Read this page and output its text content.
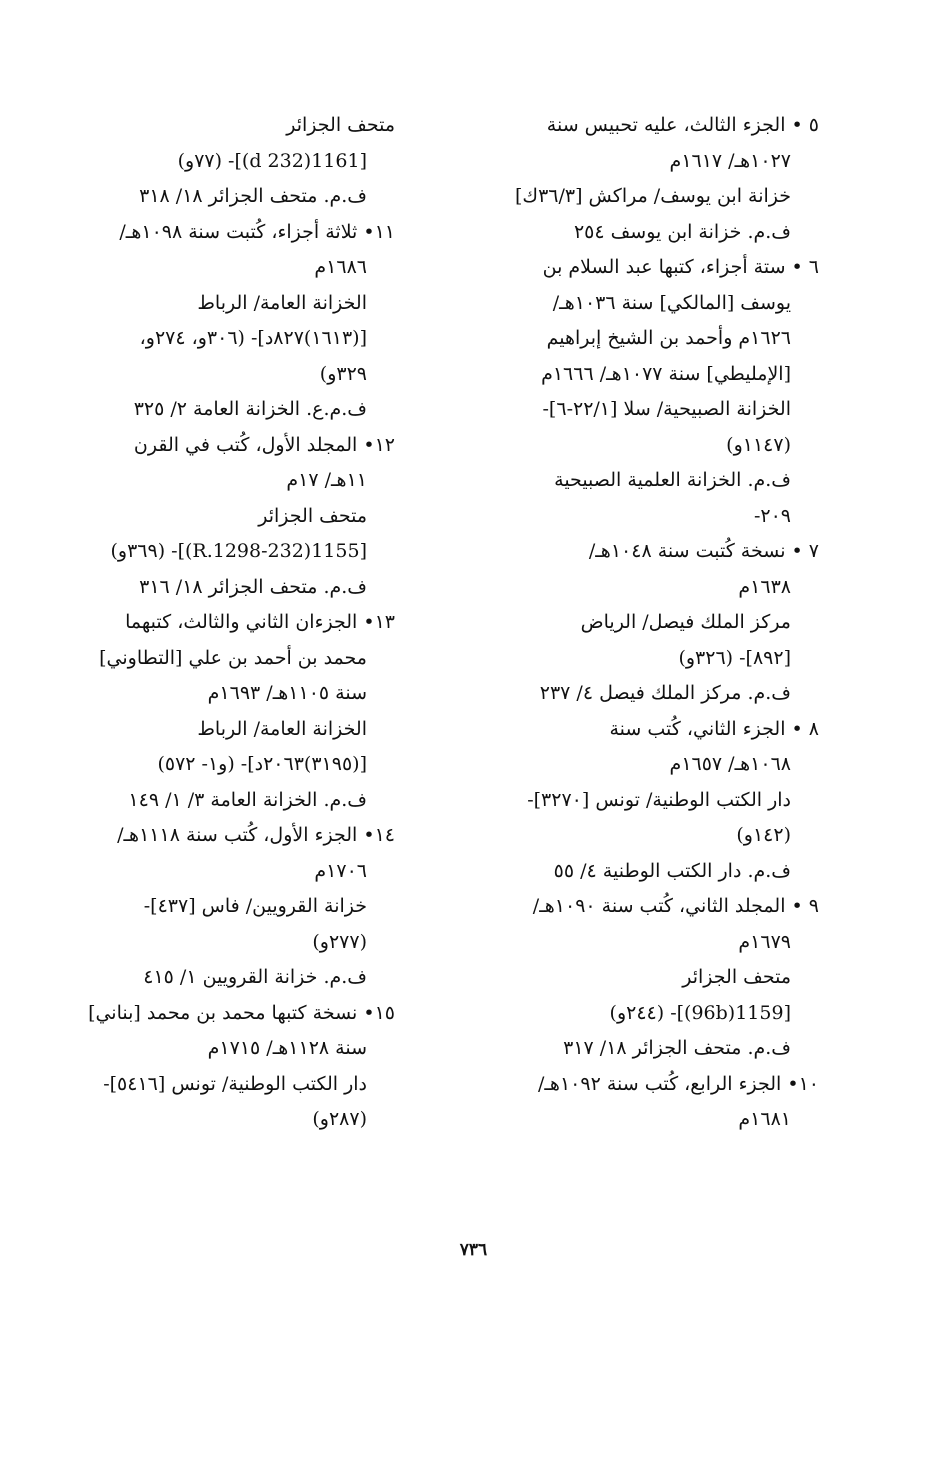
٥ • الجزء الثالث، عليه تحبيس سنة
١٠٢٧هـ/ ١٦١٧م
خزانة ابن يوسف/ مراكش [٣٦/٣ك]
ف.م. خزانة ابن يوسف ٢٥٤
٦ • ستة أجزاء، كتبها عبد السلام بن
يوسف [المالكي] سنة ١٠٣٦هـ/
١٦٢٦م وأحمد بن الشيخ إبراهيم
[الإمليطي] سنة ١٠٧٧هـ/ ١٦٦٦م
الخزانة الصبيحية/ سلا [٢٢/١-٦]-
(١١٤٧و)
ف.م. الخزانة العلمية الصبيحية
٢٠٩-
٧ • نسخة كُتبت سنة ١٠٤٨هـ/
١٦٣٨م
مركز الملك فيصل/ الرياض
[٨٩٢]- (٣٢٦و)
ف.م. مركز الملك فيصل ٤/ ٢٣٧
٨ • الجزء الثاني، كُتب سنة
١٠٦٨هـ/ ١٦٥٧م
دار الكتب الوطنية/ تونس [٣٢٧٠]-
(١٤٢و)
ف.م. دار الكتب الوطنية ٤/ ٥٥
٩ • المجلد الثاني، كُتب سنة ١٠٩٠هـ/
١٦٧٩م
متحف الجزائر
[1159(96b)]- (٢٤٤و)
ف.م. متحف الجزائر ١٨/ ٣١٧
١٠• الجزء الرابع، كُتب سنة ١٠٩٢هـ/
١٦٨١م
متحف الجزائر
[1161(232 d)]- (٧٧و)
ف.م. متحف الجزائر ١٨/ ٣١٨
١١• ثلاثة أجزاء، كُتبت سنة ١٠٩٨هـ/
١٦٨٦م
الخزانة العامة/ الرباط
[(١٦١٣)٨٢٧د]- (٣٠٦و، ٢٧٤و،
٣٢٩و)
ف.م.ع. الخزانة العامة ٢/ ٣٢٥
١٢• المجلد الأول، كُتب في القرن
١١هـ/ ١٧م
متحف الجزائر
[1155(232-R.1298)]- (٣٦٩و)
ف.م. متحف الجزائر ١٨/ ٣١٦
١٣• الجزءان الثاني والثالث، كتبهما
محمد بن أحمد بن علي [التطاوني]
سنة ١١٠٥هـ/ ١٦٩٣م
الخزانة العامة/ الرباط
[(٣١٩٥)٢٠٦٣د]- (و١- ٥٧٢)
ف.م. الخزانة العامة ٣/ ١/ ١٤٩
١٤• الجزء الأول، كُتب سنة ١١١٨هـ/
١٧٠٦م
خزانة القرويين/ فاس [٤٣٧]-
(٢٧٧و)
ف.م. خزانة القرويين ١/ ٤١٥
١٥• نسخة كتبها محمد بن محمد [بناني]
سنة ١١٢٨هـ/ ١٧١٥م
دار الكتب الوطنية/ تونس [٥٤١٦]-
(٢٨٧و)
٧٣٦
